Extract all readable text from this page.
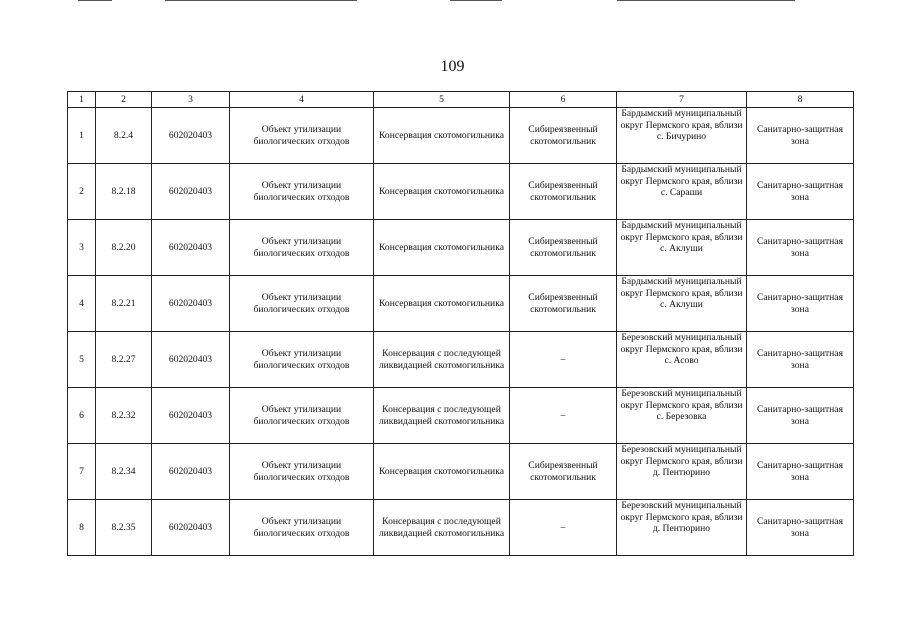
109
1	2	3	4	5	6	7	8
1	8.2.4	602020403	Объект утилизации биологических отходов	Консервация скотомогильника	Сибиреязвенный скотомогильник	Бардымский муниципальный округ Пермского края, вблизи с. Бичурино	Санитарно-защитная зона
2	8.2.18	602020403	Объект утилизации биологических отходов	Консервация скотомогильника	Сибиреязвенный скотомогильник	Бардымский муниципальный округ Пермского края, вблизи с. Сараши	Санитарно-защитная зона
3	8.2.20	602020403	Объект утилизации биологических отходов	Консервация скотомогильника	Сибиреязвенный скотомогильник	Бардымский муниципальный округ Пермского края, вблизи с. Аклуши	Санитарно-защитная зона
4	8.2.21	602020403	Объект утилизации биологических отходов	Консервация скотомогильника	Сибиреязвенный скотомогильник	Бардымский муниципальный округ Пермского края, вблизи с. Аклуши	Санитарно-защитная зона
5	8.2.27	602020403	Объект утилизации биологических отходов	Консервация с последующей ликвидацией скотомогильника	–	Березовский муниципальный округ Пермского края, вблизи с. Асово	Санитарно-защитная зона
6	8.2.32	602020403	Объект утилизации биологических отходов	Консервация с последующей ликвидацией скотомогильника	–	Березовский муниципальный округ Пермского края, вблизи с. Березовка	Санитарно-защитная зона
7	8.2.34	602020403	Объект утилизации биологических отходов	Консервация скотомогильника	Сибиреязвенный скотомогильник	Березовский муниципальный округ Пермского края, вблизи д. Пентюрино	Санитарно-защитная зона
8	8.2.35	602020403	Объект утилизации биологических отходов	Консервация с последующей ликвидацией скотомогильника	–	Березовский муниципальный округ Пермского края, вблизи д. Пентюрино	Санитарно-защитная зона
